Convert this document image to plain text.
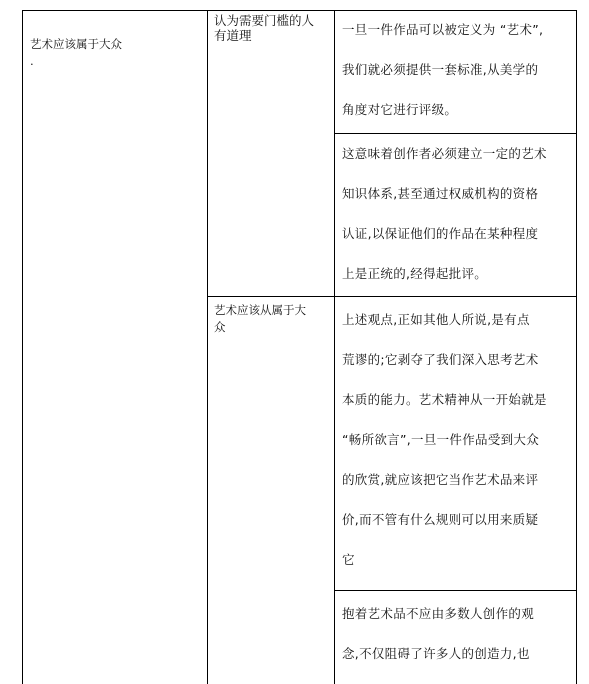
艺术应该属于大众
.
认为需要门槛的人
有道理	一旦一件作品可以被定义为 “艺术”,
我们就必须提供一套标准,从美学的
角度对它进行评级。
这意味着创作者必须建立一定的艺术
知识体系,甚至通过权威机构的资格
认证,以保证他们的作品在某种程度
上是正统的,经得起批评。
艺术应该从属于大
众	上述观点,正如其他人所说,是有点
荒谬的;它剥夺了我们深入思考艺术
本质的能力。艺术精神从一开始就是
“畅所欲言”,一旦一件作品受到大众
的欣赏,就应该把它当作艺术品来评
价,而不管有什么规则可以用来质疑
它
抱着艺术品不应由多数人创作的观
念,不仅阻碍了许多人的创造力,也
